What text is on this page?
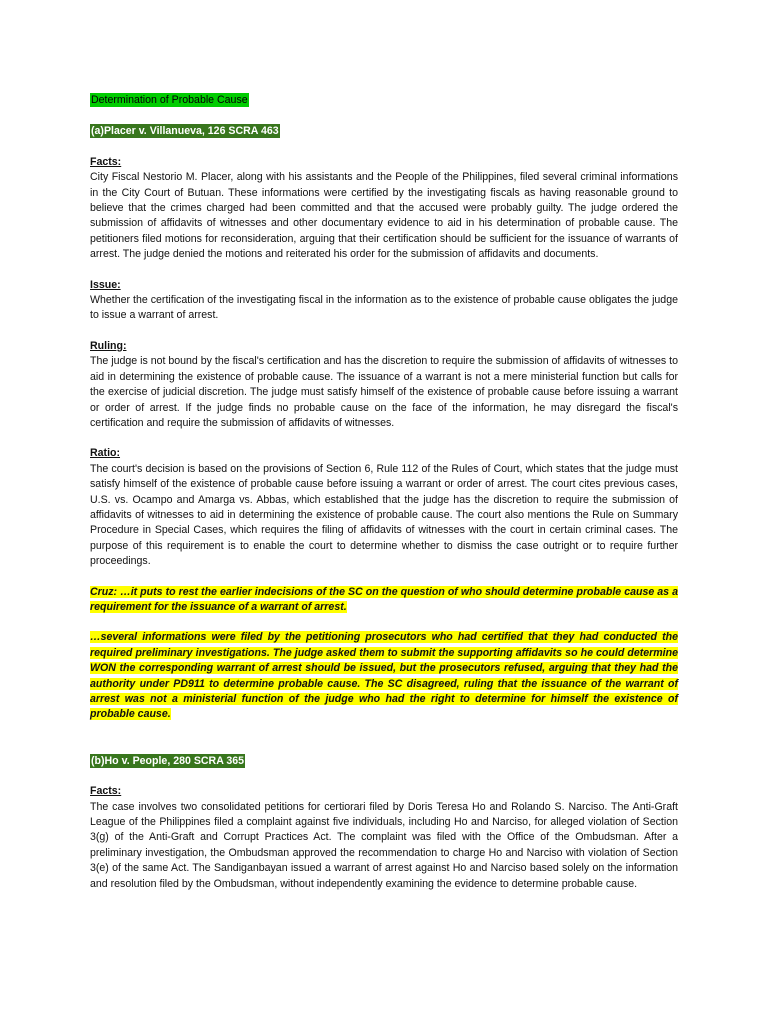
Determination of Probable Cause
(a)Placer v. Villanueva, 126 SCRA 463

Facts:

City Fiscal Nestorio M. Placer, along with his assistants and the People of the Philippines, filed several criminal informations in the City Court of Butuan. These informations were certified by the investigating fiscals as having reasonable ground to believe that the crimes charged had been committed and that the accused were probably guilty. The judge ordered the submission of affidavits of witnesses and other documentary evidence to aid in his determination of probable cause. The petitioners filed motions for reconsideration, arguing that their certification should be sufficient for the issuance of warrants of arrest. The judge denied the motions and reiterated his order for the submission of affidavits and documents.

Issue:

Whether the certification of the investigating fiscal in the information as to the existence of probable cause obligates the judge to issue a warrant of arrest.

Ruling:

The judge is not bound by the fiscal's certification and has the discretion to require the submission of affidavits of witnesses to aid in determining the existence of probable cause. The issuance of a warrant is not a mere ministerial function but calls for the exercise of judicial discretion. The judge must satisfy himself of the existence of probable cause before issuing a warrant or order of arrest. If the judge finds no probable cause on the face of the information, he may disregard the fiscal's certification and require the submission of affidavits of witnesses.

Ratio:

The court's decision is based on the provisions of Section 6, Rule 112 of the Rules of Court, which states that the judge must satisfy himself of the existence of probable cause before issuing a warrant or order of arrest. The court cites previous cases, U.S. vs. Ocampo and Amarga vs. Abbas, which established that the judge has the discretion to require the submission of affidavits of witnesses to aid in determining the existence of probable cause. The court also mentions the Rule on Summary Procedure in Special Cases, which requires the filing of affidavits of witnesses with the court in certain criminal cases. The purpose of this requirement is to enable the court to determine whether to dismiss the case outright or to require further proceedings.

Cruz: …it puts to rest the earlier indecisions of the SC on the question of who should determine probable cause as a requirement for the issuance of a warrant of arrest.

…several informations were filed by the petitioning prosecutors who had certified that they had conducted the required preliminary investigations. The judge asked them to submit the supporting affidavits so he could determine WON the corresponding warrant of arrest should be issued, but the prosecutors refused, arguing that they had the authority under PD911 to determine probable cause. The SC disagreed, ruling that the issuance of the warrant of arrest was not a ministerial function of the judge who had the right to determine for himself the existence of probable cause.

(b)Ho v. People, 280 SCRA 365

Facts:

The case involves two consolidated petitions for certiorari filed by Doris Teresa Ho and Rolando S. Narciso. The Anti-Graft League of the Philippines filed a complaint against five individuals, including Ho and Narciso, for alleged violation of Section 3(g) of the Anti-Graft and Corrupt Practices Act. The complaint was filed with the Office of the Ombudsman. After a preliminary investigation, the Ombudsman approved the recommendation to charge Ho and Narciso with violation of Section 3(e) of the same Act. The Sandiganbayan issued a warrant of arrest against Ho and Narciso based solely on the information and resolution filed by the Ombudsman, without independently examining the evidence to determine probable cause.
